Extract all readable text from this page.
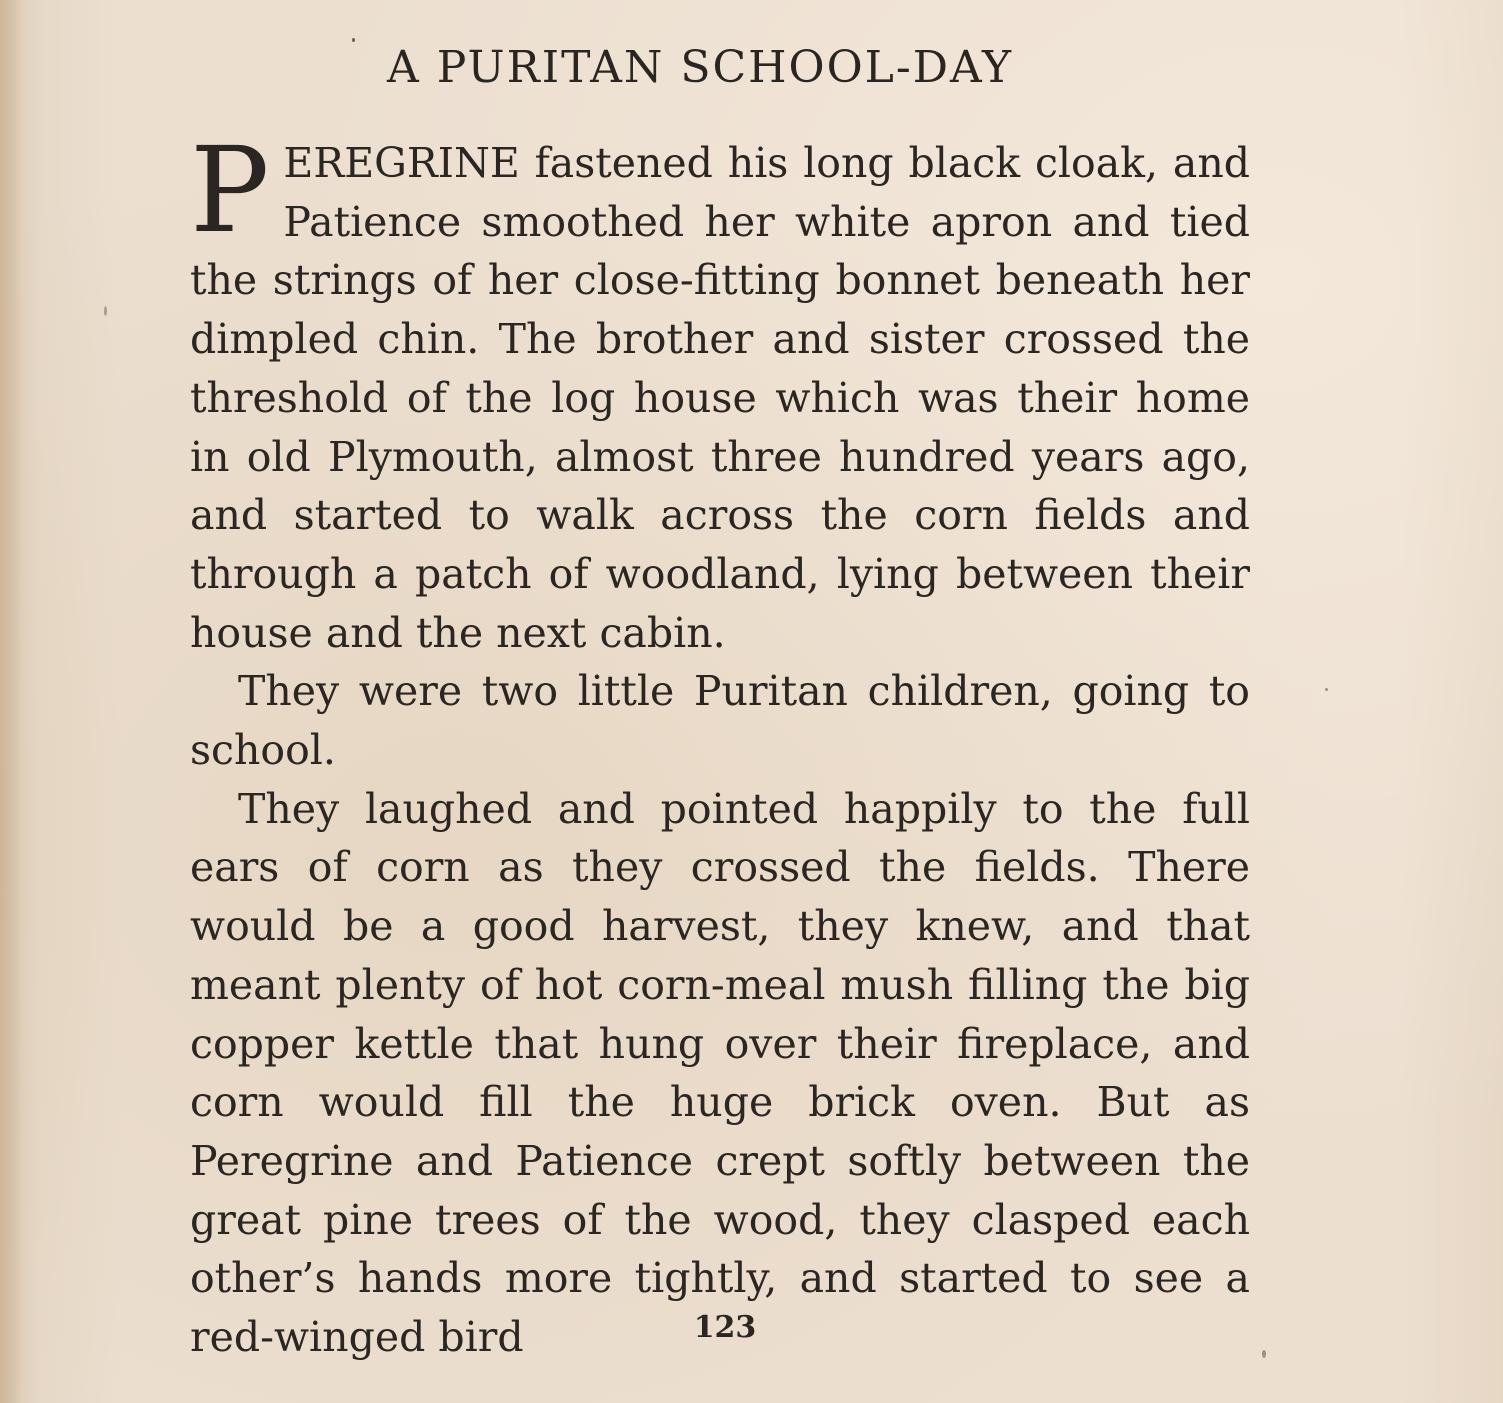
A PURITAN SCHOOL-DAY

PEREGRINE fastened his long black cloak, and Patience smoothed her white apron and tied the strings of her close-fitting bonnet beneath her dimpled chin. The brother and sister crossed the threshold of the log house which was their home in old Plymouth, almost three hundred years ago, and started to walk across the corn fields and through a patch of woodland, lying between their house and the next cabin.

They were two little Puritan children, going to school.

They laughed and pointed happily to the full ears of corn as they crossed the fields. There would be a good harvest, they knew, and that meant plenty of hot corn-meal mush filling the big copper kettle that hung over their fireplace, and corn would fill the huge brick oven. But as Peregrine and Patience crept softly between the great pine trees of the wood, they clasped each other’s hands more tightly, and started to see a red-winged bird	123
